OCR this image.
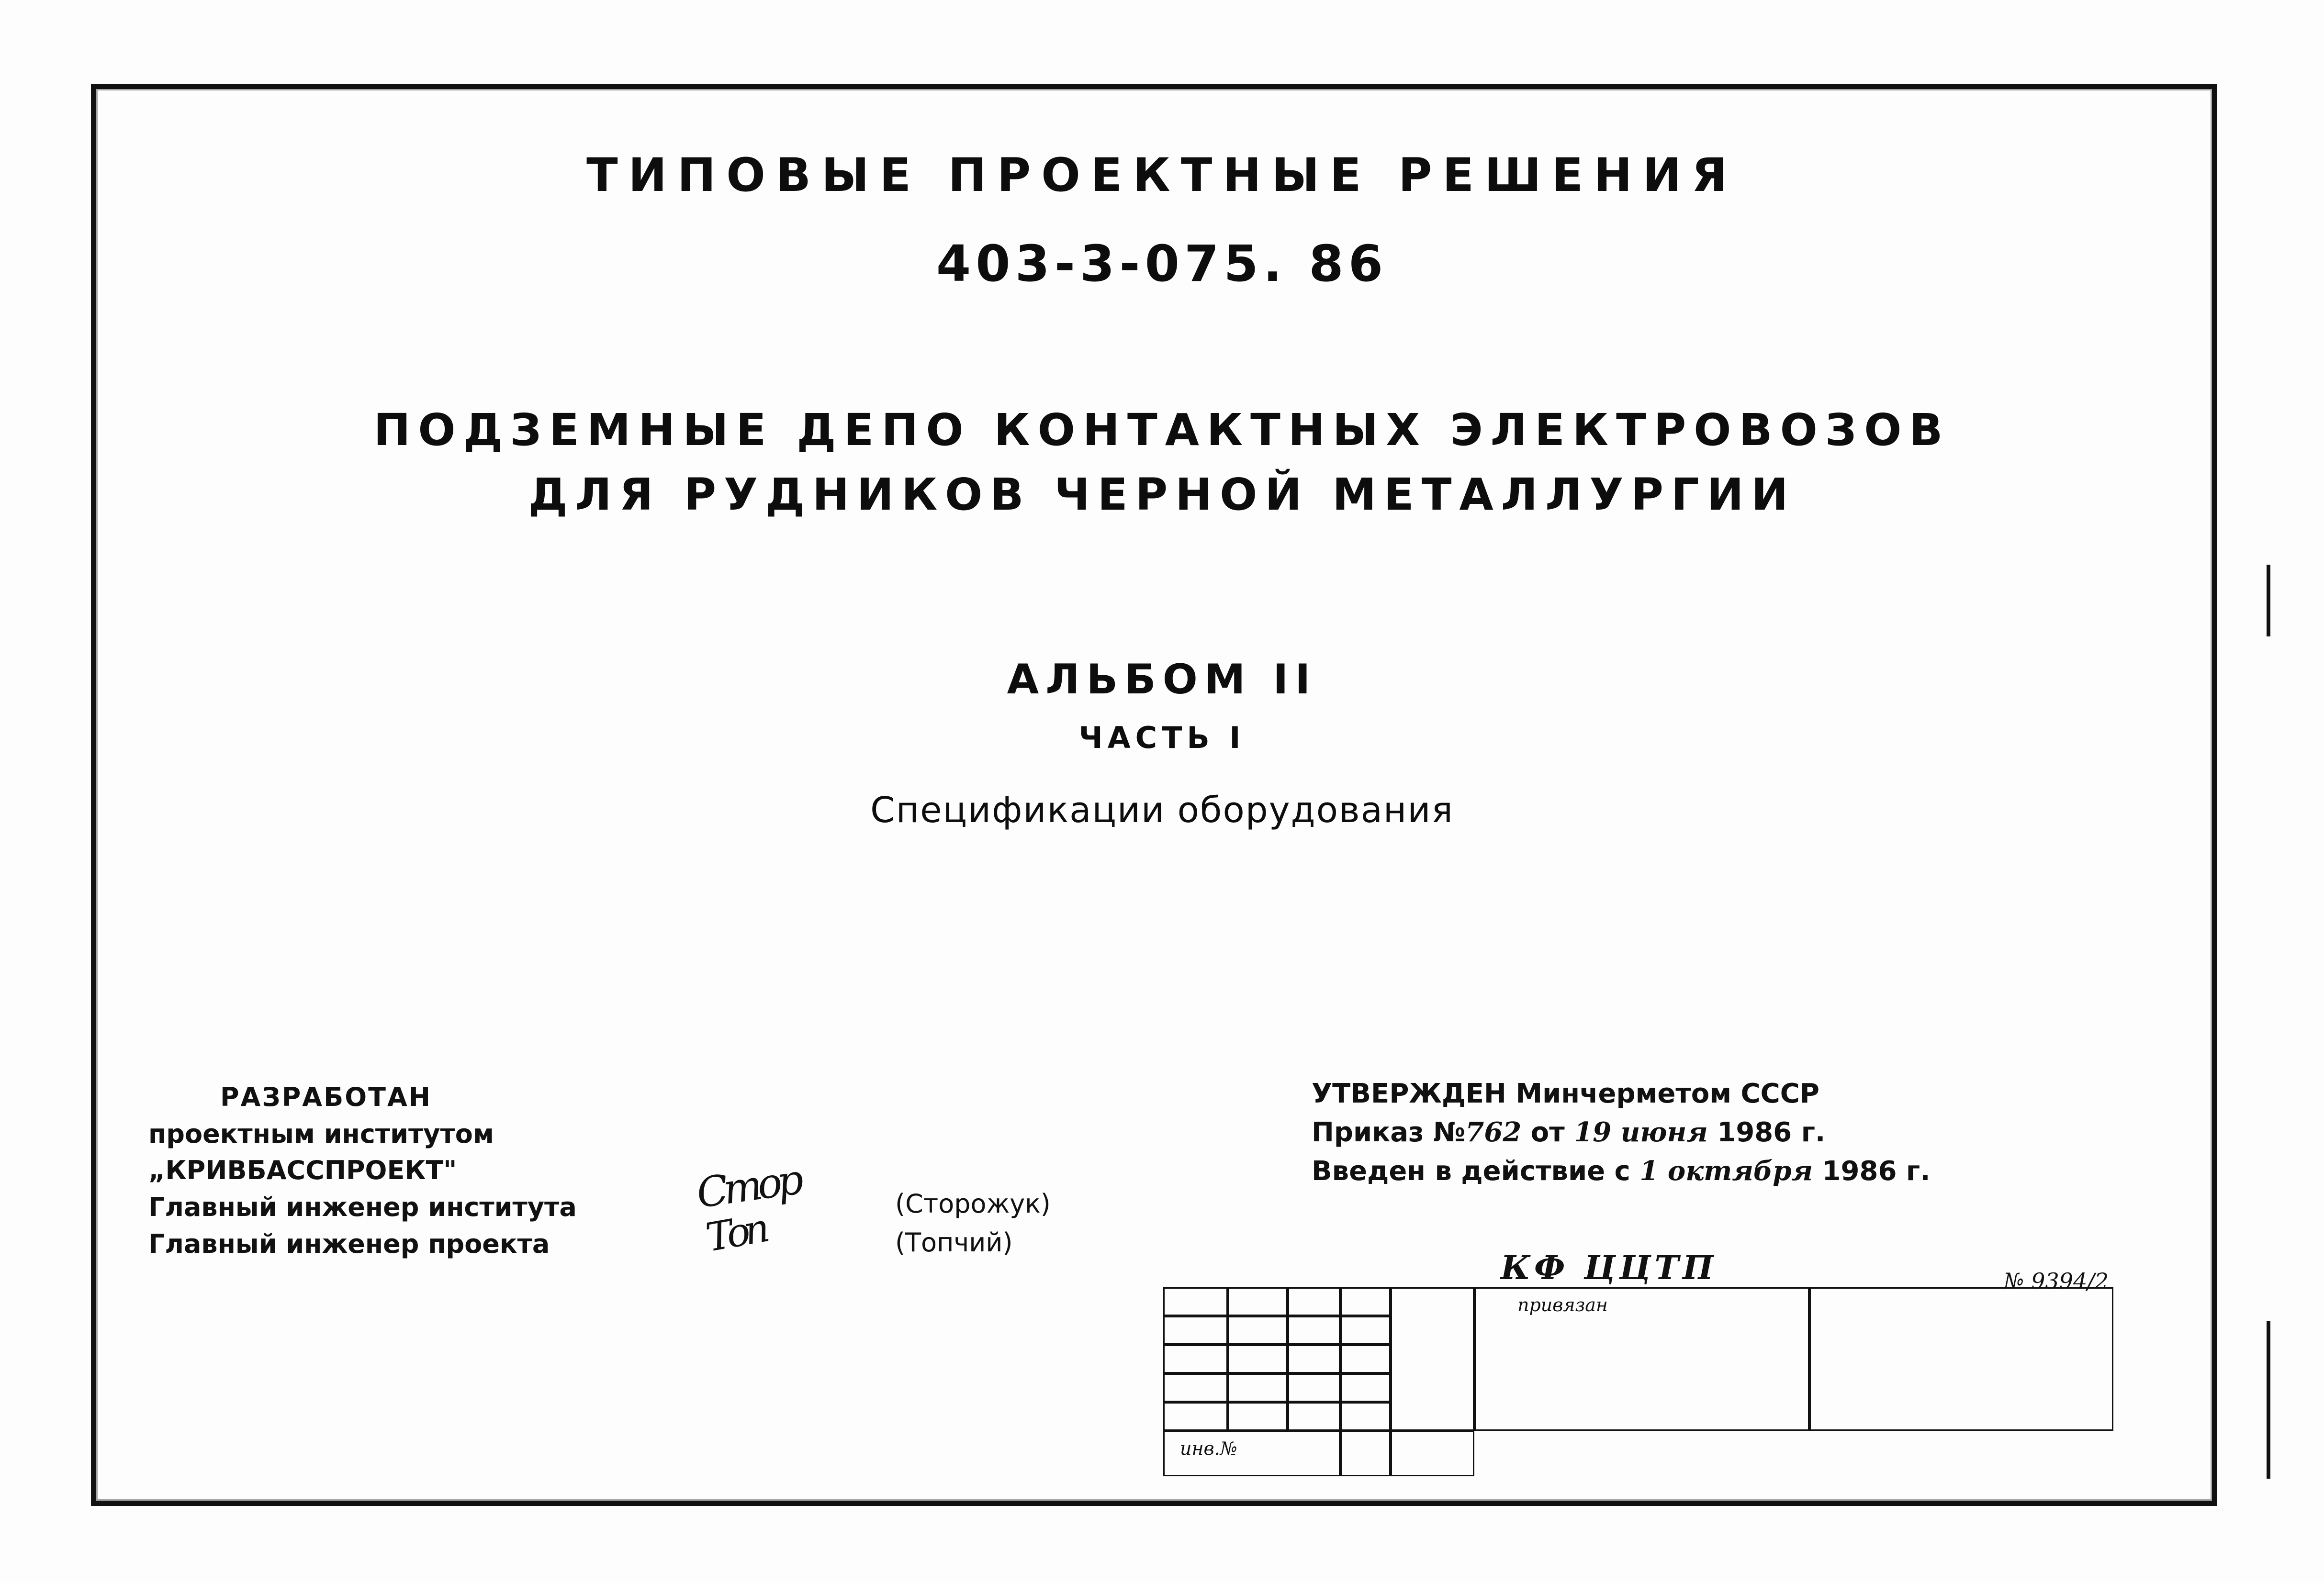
ТИПОВЫЕ ПРОЕКТНЫЕ РЕШЕНИЯ
403-3-075. 86
ПОДЗЕМНЫЕ ДЕПО КОНТАКТНЫХ ЭЛЕКТРОВОЗОВ
ДЛЯ РУДНИКОВ ЧЕРНОЙ МЕТАЛЛУРГИИ
АЛЬБОМ II
ЧАСТЬ I
Спецификации оборудования
РАЗРАБОТАН
проектным институтом
„КРИВБАССПРОЕКТ"
Главный инженер института
Главный инженер проекта
Сmор
Топ
(Сторожук)
(Топчий)
УТВЕРЖДЕН Минчерметом СССР
Приказ №762 от 19 июня 1986 г.
Введен в действие с 1 октября 1986 г.
КФ ЦЦТП	№ 9394/2
привязан
инв.№
